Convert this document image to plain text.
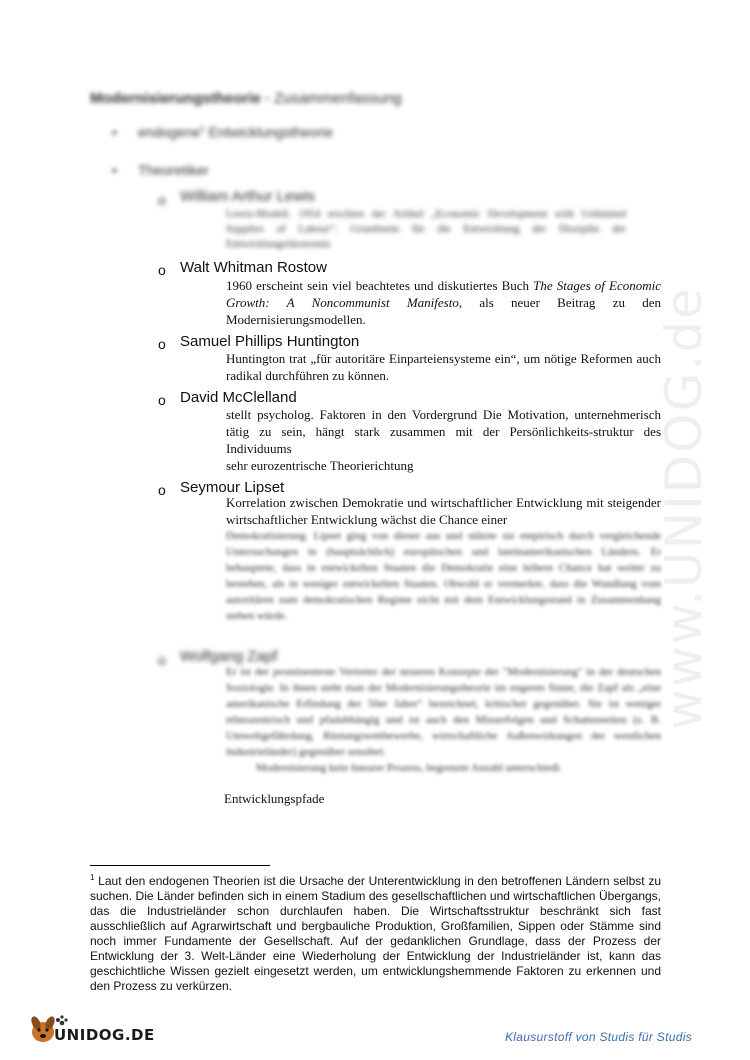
www.UNIDOG.de
Modernisierungstheorie - Zusammenfassung
• endogene$^1$ Entwicklungstheorie
• Theoretiker
o William Arthur Lewis
Lewis-Modell. 1954 erschien der Artikel „Economic Development with Unlimited Supplies of Labour“. Grundstein für die Entwicklung der Disziplin der Entwicklungsökonomie
o Walt Whitman Rostow

1960 erscheint sein viel beachtetes und diskutiertes Buch The Stages of Economic Growth: A Noncommunist Manifesto, als neuer Beitrag zu den Modernisierungsmodellen.

o Samuel Phillips Huntington

Huntington trat „für autoritäre Einparteiensysteme ein“, um nötige Reformen auch radikal durchführen zu können.

o David McClelland

stellt psycholog. Faktoren in den Vordergrund Die Motivation, unternehmerisch tätig zu sein, hängt stark zusammen mit der Persönlichkeits-struktur des Individuums

sehr eurozentrische Theorierichtung

o Seymour Lipset

Korrelation zwischen Demokratie und wirtschaftlicher Entwicklung mit steigender wirtschaftlicher Entwicklung wächst die Chance einer

Demokratisierung. Lipset ging von dieser aus und stützte sie empirisch durch vergleichende Untersuchungen in (hauptsächlich) europäischen und lateinamerikanischen Ländern. Er behauptete, dass in entwickelten Staaten die Demokratie eine höhere Chance hat weiter zu bestehen, als in weniger entwickelten Staaten. Obwohl er vermerkte, dass die Wandlung vom autoritären zum demokratischen Regime nicht mit dem Entwicklungsstand in Zusammenhang stehen würde.

o Wolfgang Zapf

Er ist der prominenteste Vertreter der neueren Konzepte der "Modernisierung" in der deutschen Soziologie. In ihnen steht man der Modernisierungstheorie im engeren Sinne, die Zapf als „eine amerikanische Erfindung der 50er Jahre“ bezeichnet, kritischer gegenüber. Sie ist weniger ethnozentrisch und pfadabhängig und ist auch den Misserfolgen und Schattenseiten (z. B. Umweltgefährdung, Rüstungswettbewerbe, wirtschaftliche Außenwirkungen der westlichen Industrieländer) gegenüber sensibel.

Modernisierung kein linearer Prozess, begrenzte Anzahl unterschiedl.

Entwicklungspfade

$^1$ Laut den endogenen Theorien ist die Ursache der Unterentwicklung in den betroffenen Ländern selbst zu suchen. Die Länder befinden sich in einem Stadium des gesellschaftlichen und wirtschaftlichen Übergangs, das die Industrieländer schon durchlaufen haben. Die Wirtschaftsstruktur beschränkt sich fast ausschließlich auf Agrarwirtschaft und bergbauliche Produktion, Großfamilien, Sippen oder Stämme sind noch immer Fundamente der Gesellschaft. Auf der gedanklichen Grundlage, dass der Prozess der Entwicklung der 3. Welt-Länder eine Wiederholung der Entwicklung der Industrieländer ist, kann das geschichtliche Wissen gezielt eingesetzt werden, um entwicklungshemmende Faktoren zu erkennen und den Prozess zu verkürzen.
UNIDOG.DE	Klausurstoff von Studis für Studis
